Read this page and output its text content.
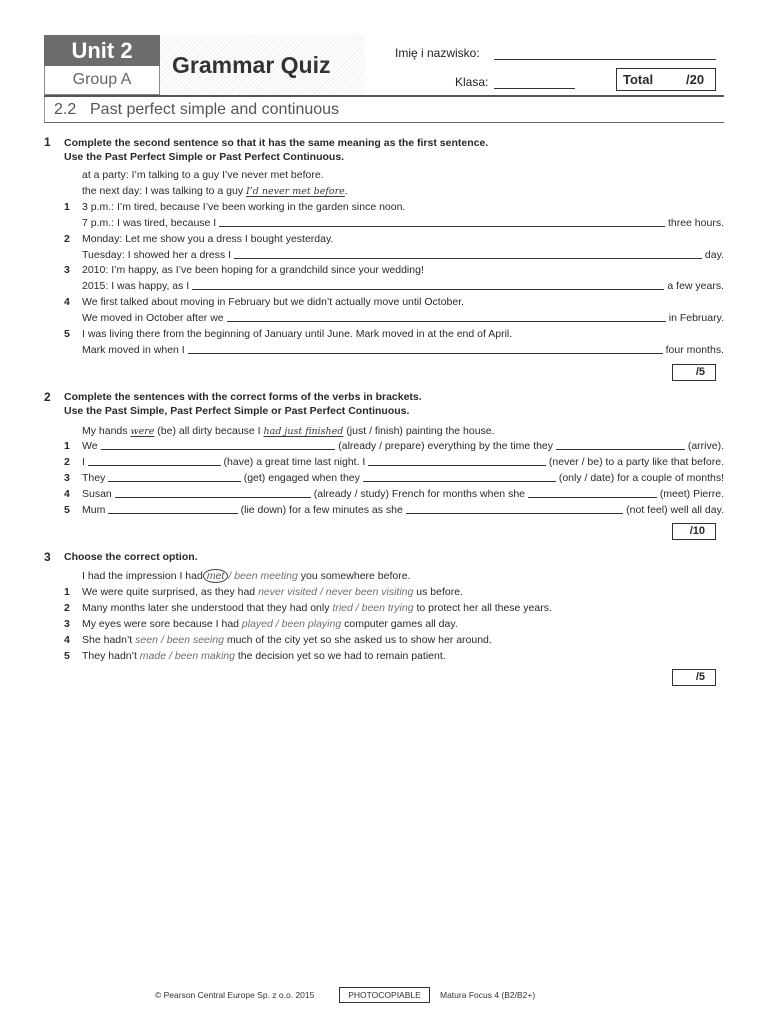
Unit 2
Group A
Grammar Quiz	Imię i nazwisko:
Klasa:	Total	/20
2.2 Past perfect simple and continuous
1 Complete the second sentence so that it has the same meaning as the first sentence.
Use the Past Perfect Simple or Past Perfect Continuous.
at a party: I’m talking to a guy I’ve never met before.
the next day: I was talking to a guy I’d never met before.
1 3 p.m.: I’m tired, because I’ve been working in the garden since noon.
7 p.m.: I was tired, because I	three hours.
2 Monday: Let me show you a dress I bought yesterday.
Tuesday: I showed her a dress I	day.
3 2010: I’m happy, as I’ve been hoping for a grandchild since your wedding!
2015: I was happy, as I	a few years.
4 We first talked about moving in February but we didn’t actually move until October.
We moved in October after we	in February.
5 I was living there from the beginning of January until June. Mark moved in at the end of April.
Mark moved in when I	four months.
/5
2 Complete the sentences with the correct forms of the verbs in brackets.
Use the Past Simple, Past Perfect Simple or Past Perfect Continuous.
My hands were (be) all dirty because I had just finished (just / finish) painting the house.
1 We	(already / prepare) everything by the time they	(arrive).
2 I	(have) a great time last night. I	(never / be) to a party like that before.
3 They	(get) engaged when they	(only / date) for a couple of months!
4 Susan	(already / study) French for months when she	(meet) Pierre.
5 Mum	(lie down) for a few minutes as she	(not feel) well all day.
/10
3 Choose the correct option.
I had the impression I had met / been meeting you somewhere before.
1 We were quite surprised, as they had never visited / never been visiting us before.
2 Many months later she understood that they had only tried / been trying to protect her all these years.
3 My eyes were sore because I had played / been playing computer games all day.
4 She hadn’t seen / been seeing much of the city yet so she asked us to show her around.
5 They hadn’t made / been making the decision yet so we had to remain patient.
/5
© Pearson Central Europe Sp. z o.o. 2015	PHOTOCOPIABLE	Matura Focus 4 (B2/B2+)
